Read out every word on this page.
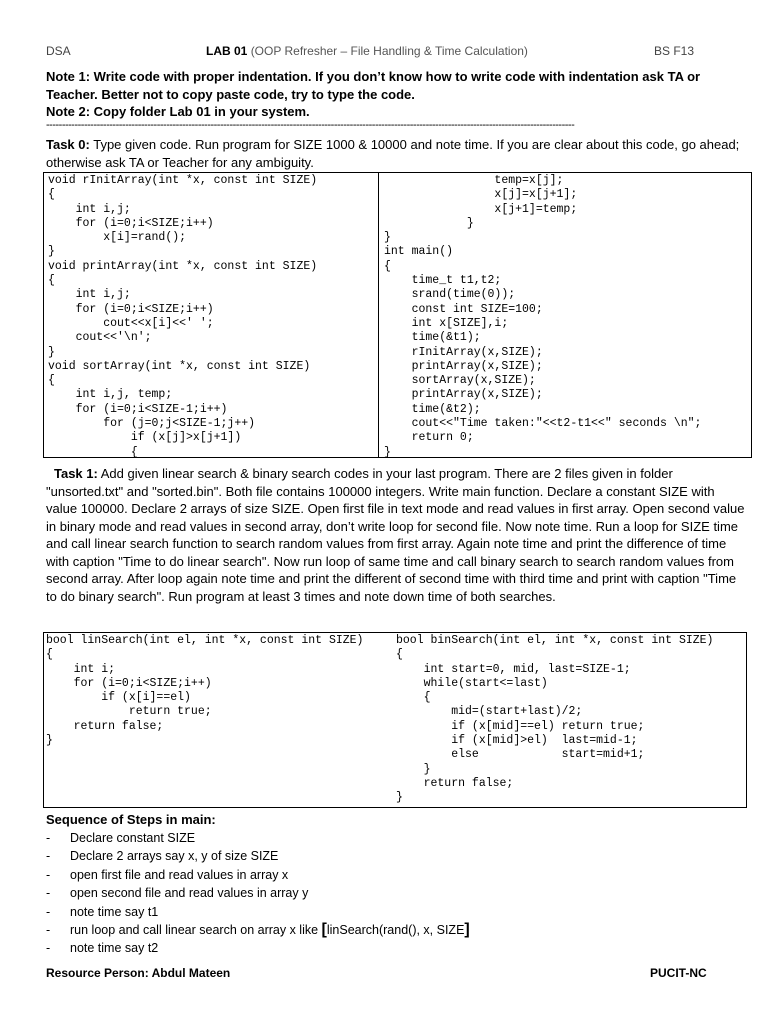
DSA	LAB 01 (OOP Refresher – File Handling & Time Calculation)	BS F13
Note 1: Write code with proper indentation. If you don’t know how to write code with indentation ask TA or Teacher. Better not to copy paste code, try to type the code.
Note 2: Copy folder Lab 01 in your system.
-----------------------------------------------------------------------------------------------------------------------------------------------------------------------
Task 0: Type given code. Run program for SIZE 1000 & 10000 and note time. If you are clear about this code, go ahead; otherwise ask TA or Teacher for any ambiguity.
void rInitArray(int *x, const int SIZE)
{
int i,j;
for (i=0;i<SIZE;i++)
x[i]=rand();
}
void printArray(int *x, const int SIZE)
{
int i,j;
for (i=0;i<SIZE;i++)
cout<<x[i]<<' ';
cout<<'\n';
}
void sortArray(int *x, const int SIZE)
{
int i,j, temp;
for (i=0;i<SIZE-1;i++)
for (j=0;j<SIZE-1;j++)
if (x[j]>x[j+1])
{
temp=x[j];
x[j]=x[j+1];
x[j+1]=temp;
}
}
int main()
{
time_t t1,t2;
srand(time(0));
const int SIZE=100;
int x[SIZE],i;
time(&t1);
rInitArray(x,SIZE);
printArray(x,SIZE);
sortArray(x,SIZE);
printArray(x,SIZE);
time(&t2);
cout<<"Time taken:"<<t2-t1<<" seconds \n";
return 0;
}
Task 1: Add given linear search & binary search codes in your last program. There are 2 files given in folder "unsorted.txt" and "sorted.bin". Both file contains 100000 integers. Write main function. Declare a constant SIZE with value 100000. Declare 2 arrays of size SIZE. Open first file in text mode and read values in first array. Open second value in binary mode and read values in second array, don’t write loop for second file. Now note time. Run a loop for SIZE time and call linear search function to search random values from first array. Again note time and print the difference of time with caption "Time to do linear search". Now run loop of same time and call binary search to search random values from second array. After loop again note time and print the different of second time with third time and print with caption "Time to do binary search". Run program at least 3 times and note down time of both searches.
bool linSearch(int el, int *x, const int SIZE)
{
int i;
for (i=0;i<SIZE;i++)
if (x[i]==el)
return true;
return false;
}
bool binSearch(int el, int *x, const int SIZE)
{
int start=0, mid, last=SIZE-1;
while(start<=last)
{
mid=(start+last)/2;
if (x[mid]==el) return true;
if (x[mid]>el)  last=mid-1;
else            start=mid+1;
}
return false;
}
Sequence of Steps in main:
- Declare constant SIZE
- Declare 2 arrays say x, y of size SIZE
- open first file and read values in array x
- open second file and read values in array y
- note time say t1
- run loop and call linear search on array x like [linSearch(rand(), x, SIZE]
- note time say t2
Resource Person: Abdul Mateen	PUCIT-NC
